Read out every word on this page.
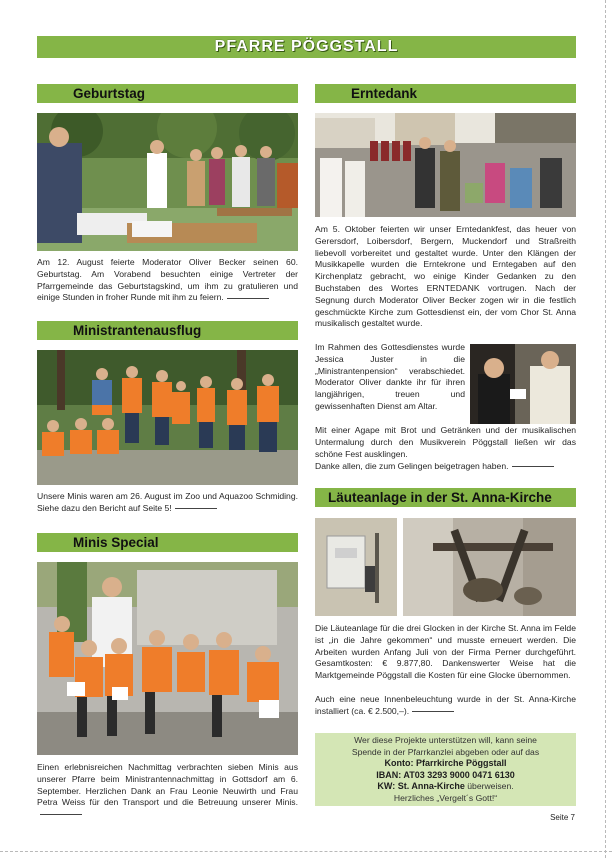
PFARRE PÖGGSTALL
Geburtstag

Am 12. August feierte Moderator Oliver Becker seinen 60. Geburtstag. Am Vorabend besuchten einige Vertreter der Pfarrgemeinde das Geburtstagskind, um ihm zu gratulieren und einige Stunden in froher Runde mit ihm zu feiern.

Ministrantenausflug

Unsere Minis waren am 26. August im Zoo und Aquazoo Schmiding. Siehe dazu den Bericht auf Seite 5!

Minis Special

Einen erlebnisreichen Nachmittag verbrachten sieben Minis aus unserer Pfarre beim Ministrantennachmittag in Gottsdorf am 6. September. Herzlichen Dank an Frau Leonie Neuwirth und Frau Petra Weiss für den Transport und die Betreuung unserer Minis.

Erntedank

Am 5. Oktober feierten wir unser Erntedankfest, das heuer von Gerersdorf, Loibersdorf, Bergern, Muckendorf und Straßreith liebevoll vorbereitet und gestaltet wurde. Unter den Klängen der Musikkapelle wurden die Erntekrone und Erntegaben auf den Kirchenplatz gebracht, wo einige Kinder Gedanken zu den Buchstaben des Wortes ERNTEDANK vortrugen. Nach der Segnung durch Moderator Oliver Becker zogen wir in die festlich geschmückte Kirche zum Gottesdienst ein, der vom Chor St. Anna musikalisch gestaltet wurde.

Im Rahmen des Gottesdienstes wurde Jessica Juster in die „Ministrantenpension“ verabschiedet. Moderator Oliver dankte ihr für ihren langjährigen, treuen und gewissenhaften Dienst am Altar.

Mit einer Agape mit Brot und Getränken und der musikalischen Untermalung durch den Musikverein Pöggstall ließen wir das schöne Fest ausklingen.

Danke allen, die zum Gelingen beigetragen haben.

Läuteanlage in der St. Anna-Kirche

Die Läuteanlage für die drei Glocken in der Kirche St. Anna im Felde ist „in die Jahre gekommen“ und musste erneuert werden. Die Arbeiten wurden Anfang Juli von der Firma Perner durchgeführt. Gesamtkosten: € 9.877,80. Dankenswerter Weise hat die Marktgemeinde Pöggstall die Kosten für eine Glocke übernommen.

Auch eine neue Innenbeleuchtung wurde in der St. Anna-Kirche installiert (ca. € 2.500,–).

Wer diese Projekte unterstützen will, kann seine
Spende in der Pfarrkanzlei abgeben oder auf das
Konto: Pfarrkirche Pöggstall
IBAN: AT03 3293 9000 0471 6130
KW: St. Anna-Kirche überweisen.
Herzliches „Vergelt´s Gott!“
Seite 7
